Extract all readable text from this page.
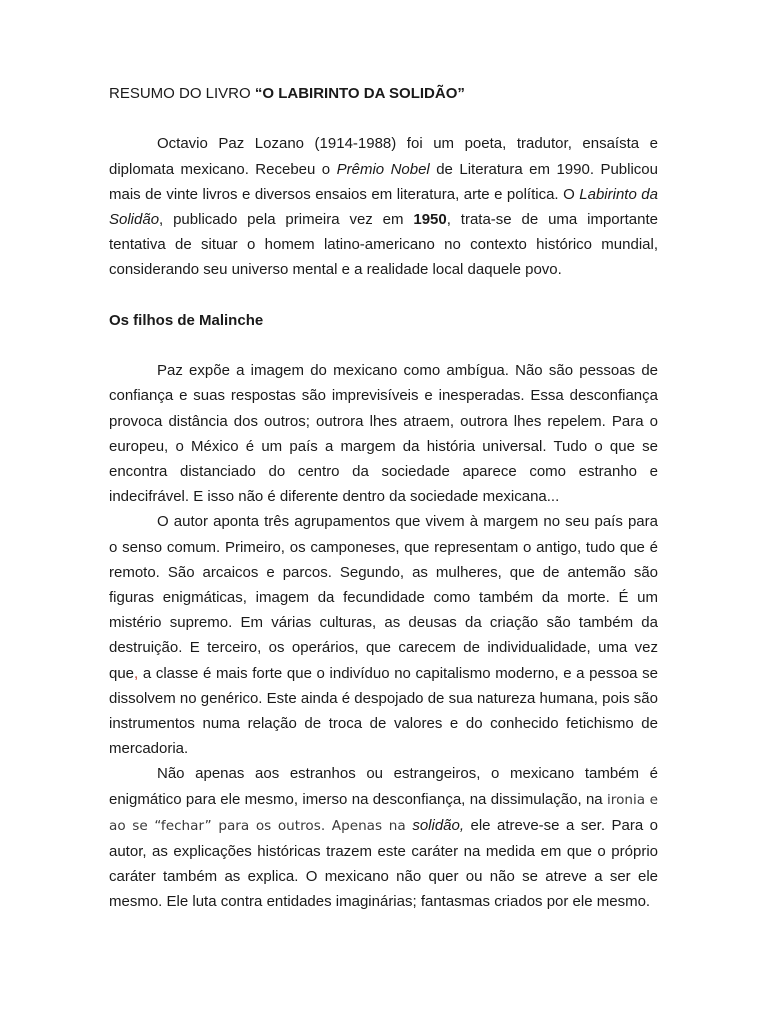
RESUMO DO LIVRO “O LABIRINTO DA SOLIDÃO”

Octavio Paz Lozano (1914-1988) foi um poeta, tradutor, ensaísta e diplomata mexicano. Recebeu o Prêmio Nobel de Literatura em 1990. Publicou mais de vinte livros e diversos ensaios em literatura, arte e política. O Labirinto da Solidão, publicado pela primeira vez em 1950, trata-se de uma importante tentativa de situar o homem latino-americano no contexto histórico mundial, considerando seu universo mental e a realidade local daquele povo.

Os filhos de Malinche

Paz expõe a imagem do mexicano como ambígua. Não são pessoas de confiança e suas respostas são imprevisíveis e inesperadas. Essa desconfiança provoca distância dos outros; outrora lhes atraem, outrora lhes repelem. Para o europeu, o México é um país a margem da história universal. Tudo o que se encontra distanciado do centro da sociedade aparece como estranho e indecifrável. E isso não é diferente dentro da sociedade mexicana...

O autor aponta três agrupamentos que vivem à margem no seu país para o senso comum. Primeiro, os camponeses, que representam o antigo, tudo que é remoto. São arcaicos e parcos. Segundo, as mulheres, que de antemão são figuras enigmáticas, imagem da fecundidade como também da morte. É um mistério supremo. Em várias culturas, as deusas da criação são também da destruição. E terceiro, os operários, que carecem de individualidade, uma vez que, a classe é mais forte que o indivíduo no capitalismo moderno, e a pessoa se dissolvem no genérico. Este ainda é despojado de sua natureza humana, pois são instrumentos numa relação de troca de valores e do conhecido fetichismo de mercadoria.

Não apenas aos estranhos ou estrangeiros, o mexicano também é enigmático para ele mesmo, imerso na desconfiança, na dissimulação, na ironia e ao se “fechar” para os outros. Apenas na solidão, ele atreve-se a ser. Para o autor, as explicações históricas trazem este caráter na medida em que o próprio caráter também as explica. O mexicano não quer ou não se atreve a ser ele mesmo. Ele luta contra entidades imaginárias; fantasmas criados por ele mesmo.
